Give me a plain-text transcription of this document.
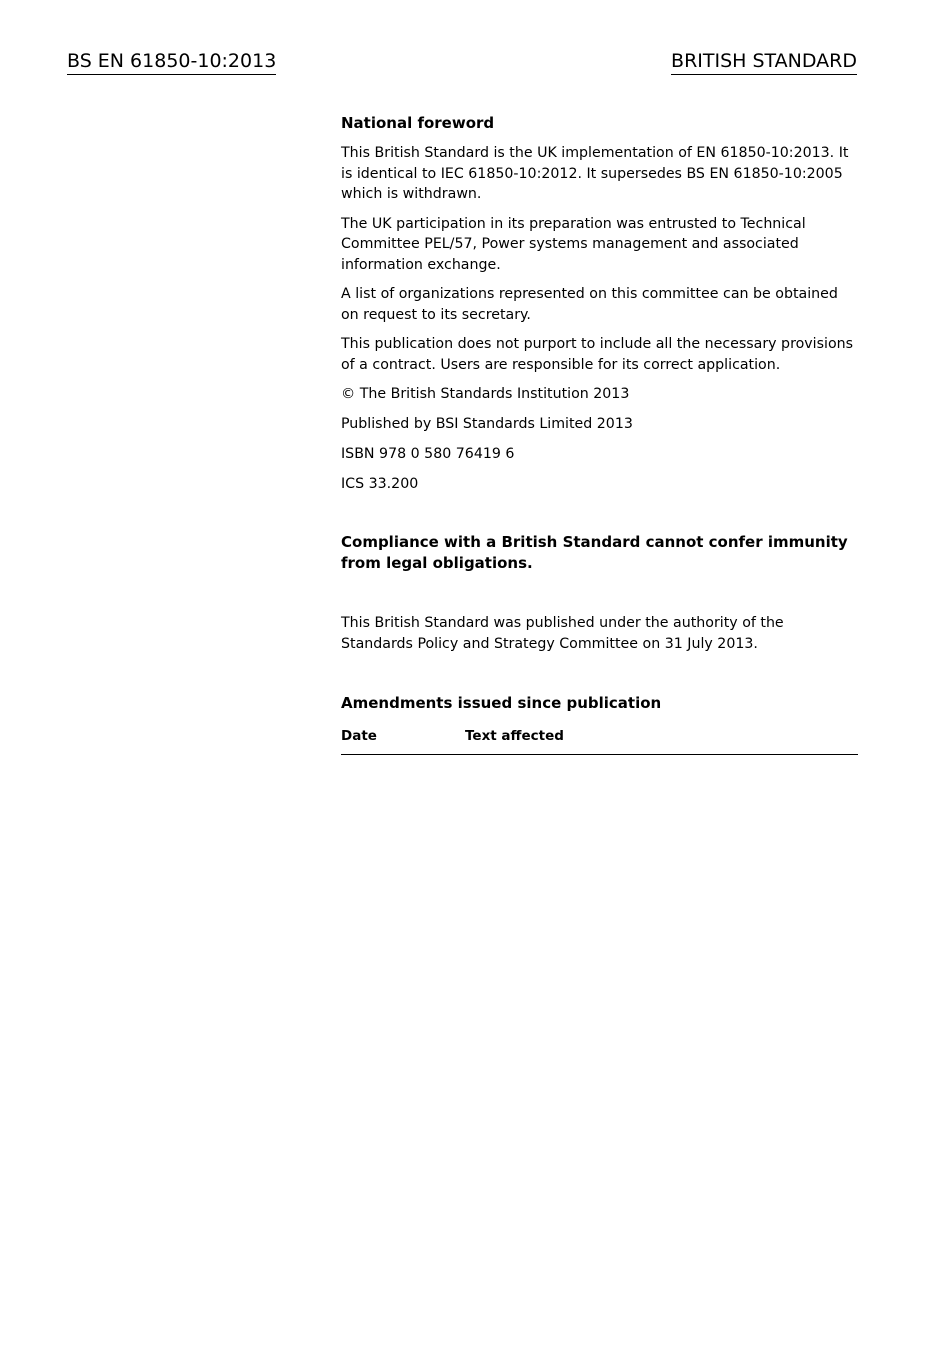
BS EN 61850-10:2013	BRITISH STANDARD
National foreword

This British Standard is the UK implementation of EN 61850-10:2013. It is identical to IEC 61850-10:2012. It supersedes BS EN 61850-10:2005 which is withdrawn.

The UK participation in its preparation was entrusted to Technical Committee PEL/57, Power systems management and associated information exchange.

A list of organizations represented on this committee can be obtained on request to its secretary.

This publication does not purport to include all the necessary provisions of a contract. Users are responsible for its correct application.

© The British Standards Institution 2013

Published by BSI Standards Limited 2013

ISBN 978 0 580 76419 6

ICS 33.200

Compliance with a British Standard cannot confer immunity from legal obligations.
This British Standard was published under the authority of the Standards Policy and Strategy Committee on 31 July 2013.
Amendments issued since publication
Date	Text affected
